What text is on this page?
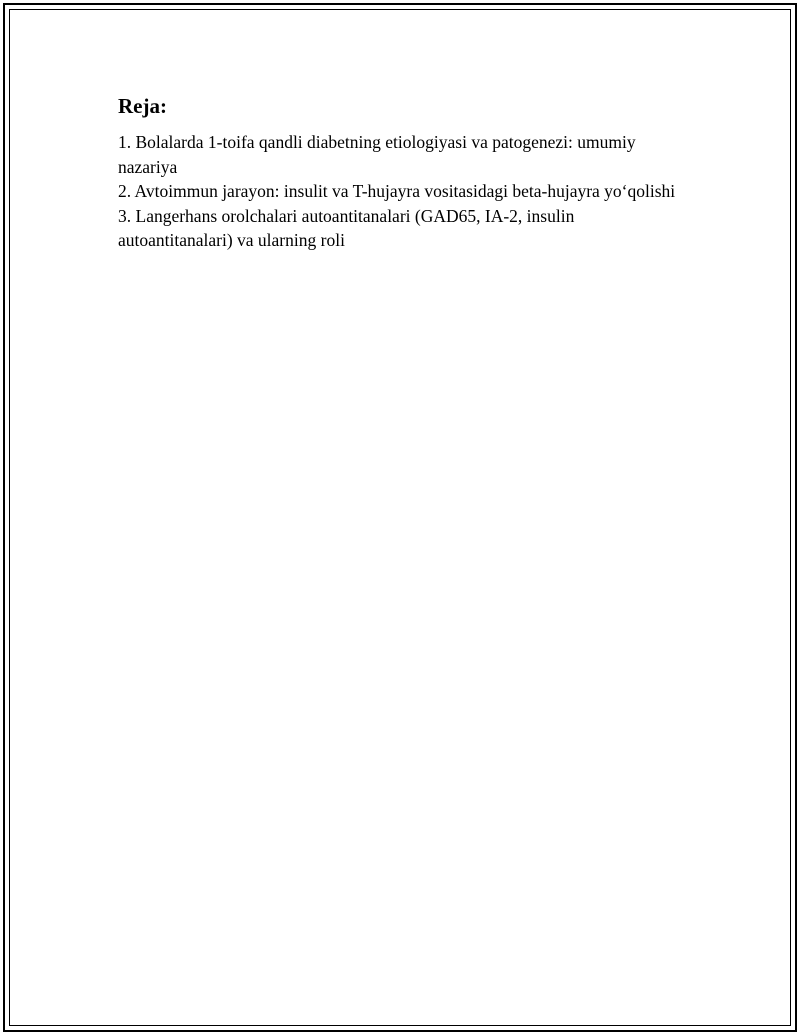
Reja:
1. Bolalarda 1-toifa qandli diabetning etiologiyasi va patogenezi: umumiy nazariya
2. Avtoimmun jarayon: insulit va T-hujayra vositasidagi beta-hujayra yo‘qolishi
3. Langerhans orolchalari autoantitanalari (GAD65, IA-2, insulin autoantitanalari) va ularning roli
